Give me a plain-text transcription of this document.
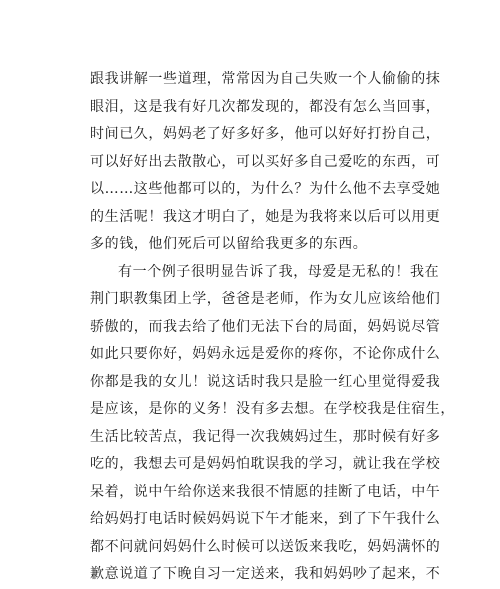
跟我讲解一些道理，常常因为自己失败一个人偷偷的抹
眼泪，这是我有好几次都发现的，都没有怎么当回事，
时间已久，妈妈老了好多好多，他可以好好打扮自己，
可以好好出去散散心，可以买好多自己爱吃的东西，可
以……这些他都可以的，为什么？为什么他不去享受她
的生活呢！我这才明白了，她是为我将来以后可以用更
多的钱，他们死后可以留给我更多的东西。
有一个例子很明显告诉了我，母爱是无私的！我在
荆门职教集团上学，爸爸是老师，作为女儿应该给他们
骄傲的，而我去给了他们无法下台的局面，妈妈说尽管
如此只要你好，妈妈永远是爱你的疼你，不论你成什么
你都是我的女儿！说这话时我只是脸一红心里觉得爱我
是应该，是你的义务！没有多去想。在学校我是住宿生，
生活比较苦点，我记得一次我姨妈过生，那时候有好多
吃的，我想去可是妈妈怕耽误我的学习，就让我在学校
呆着，说中午给你送来我很不情愿的挂断了电话，中午
给妈妈打电话时候妈妈说下午才能来，到了下午我什么
都不问就问妈妈什么时候可以送饭来我吃，妈妈满怀的
歉意说道了下晚自习一定送来，我和妈妈吵了起来，不
